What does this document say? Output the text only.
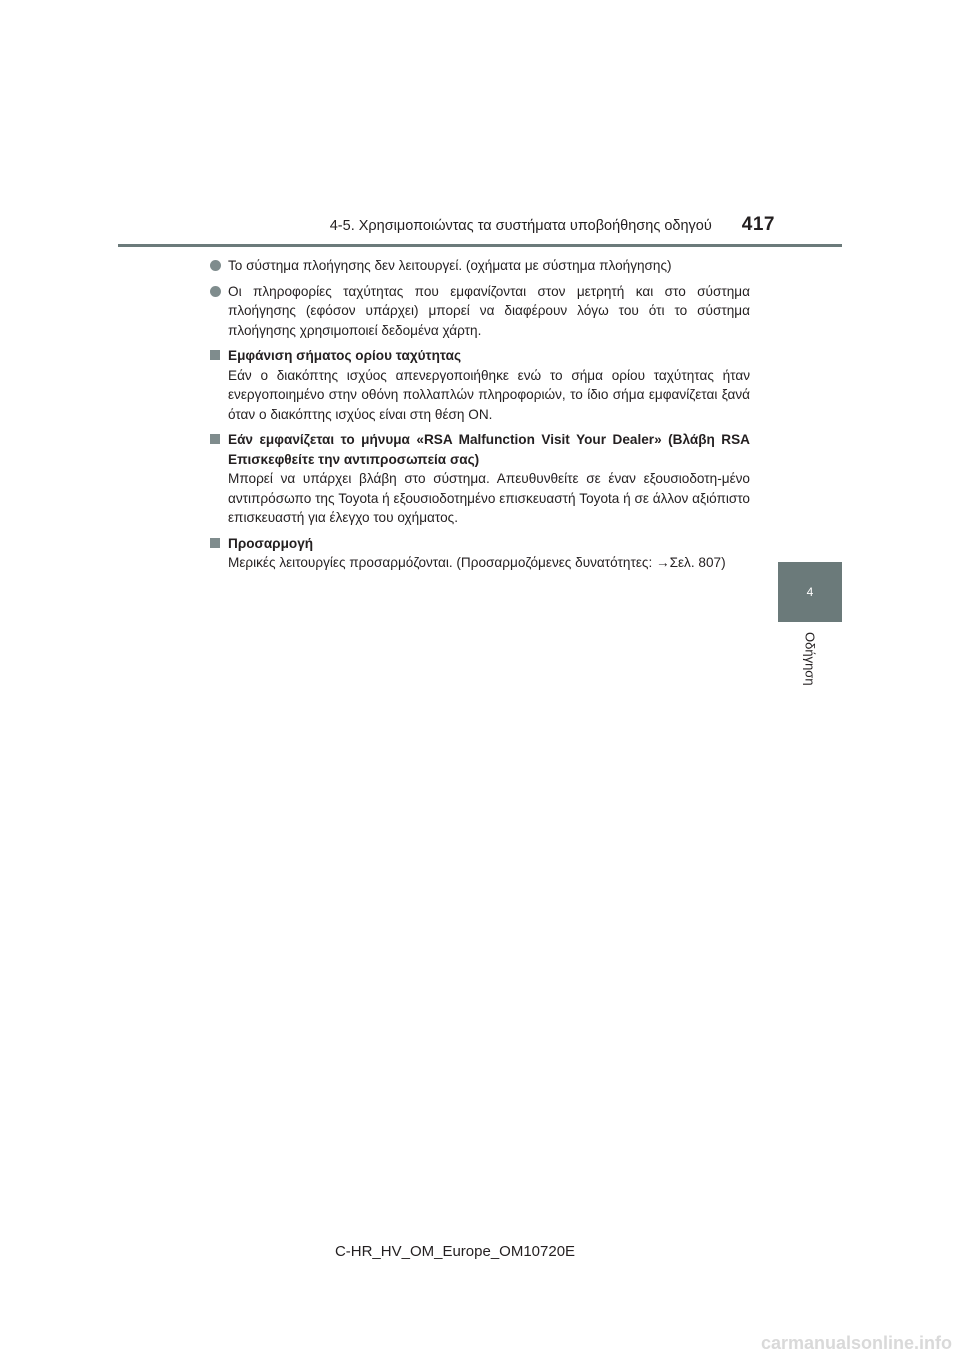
4-5. Χρησιμοποιώντας τα συστήματα υποβοήθησης οδηγού 417
4
Οδήγηση
Το σύστημα πλοήγησης δεν λειτουργεί. (οχήματα με σύστημα πλοήγησης)
Οι πληροφορίες ταχύτητας που εμφανίζονται στον μετρητή και στο σύστημα πλοήγησης (εφόσον υπάρχει) μπορεί να διαφέρουν λόγω του ότι το σύστημα πλοήγησης χρησιμοποιεί δεδομένα χάρτη.
Εμφάνιση σήματος ορίου ταχύτητας

Εάν ο διακόπτης ισχύος απενεργοποιήθηκε ενώ το σήμα ορίου ταχύτητας ήταν ενεργοποιημένο στην οθόνη πολλαπλών πληροφοριών, το ίδιο σήμα εμφανίζεται ξανά όταν ο διακόπτης ισχύος είναι στη θέση ON.

Εάν εμφανίζεται το μήνυμα «RSA Malfunction Visit Your Dealer» (Βλάβη RSA Επισκεφθείτε την αντιπροσωπεία σας)

Μπορεί να υπάρχει βλάβη στο σύστημα. Απευθυνθείτε σε έναν εξουσιοδοτη-μένο αντιπρόσωπο της Toyota ή εξουσιοδοτημένο επισκευαστή Toyota ή σε άλλον αξιόπιστο επισκευαστή για έλεγχο του οχήματος.

Προσαρμογή

Μερικές λειτουργίες προσαρμόζονται. (Προσαρμοζόμενες δυνατότητες: →Σελ. 807)

C-HR_HV_OM_Europe_OM10720E
carmanualsonline.info
